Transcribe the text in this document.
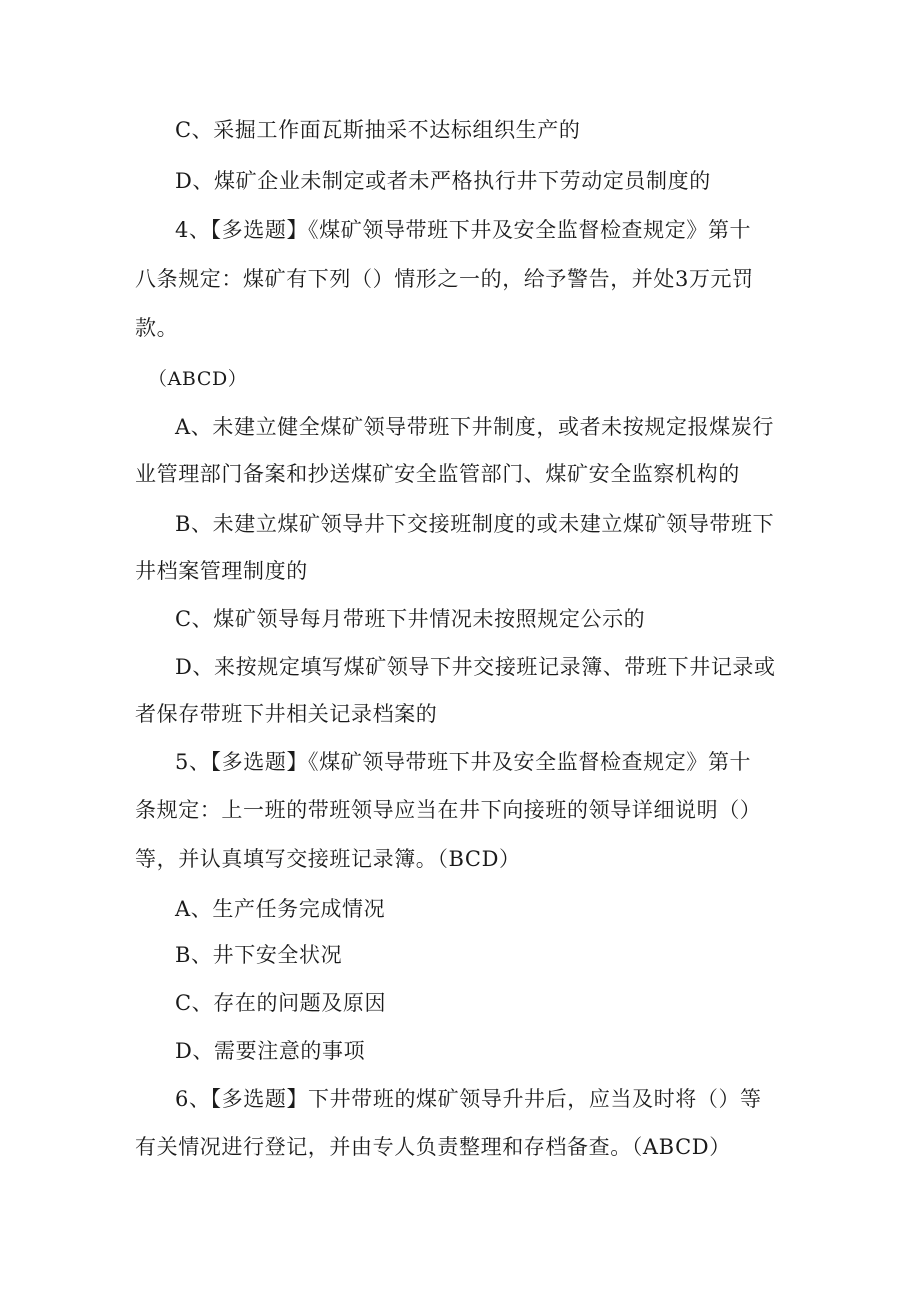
C、采掘工作面瓦斯抽采不达标组织生产的
D、煤矿企业未制定或者未严格执行井下劳动定员制度的
4、【多选题】《煤矿领导带班下井及安全监督检查规定》第十
八条规定：煤矿有下列（）情形之一的，给予警告，并处3万元罚
款。
（ABCD）
A、未建立健全煤矿领导带班下井制度，或者未按规定报煤炭行
业管理部门备案和抄送煤矿安全监管部门、煤矿安全监察机构的
B、未建立煤矿领导井下交接班制度的或未建立煤矿领导带班下
井档案管理制度的
C、煤矿领导每月带班下井情况未按照规定公示的
D、来按规定填写煤矿领导下井交接班记录簿、带班下井记录或
者保存带班下井相关记录档案的
5、【多选题】《煤矿领导带班下井及安全监督检查规定》第十
条规定：上一班的带班领导应当在井下向接班的领导详细说明（）
等，并认真填写交接班记录簿。（BCD）
A、生产任务完成情况
B、井下安全状况
C、存在的问题及原因
D、需要注意的事项
6、【多选题】下井带班的煤矿领导升井后，应当及时将（）等
有关情况进行登记，并由专人负责整理和存档备查。（ABCD）
